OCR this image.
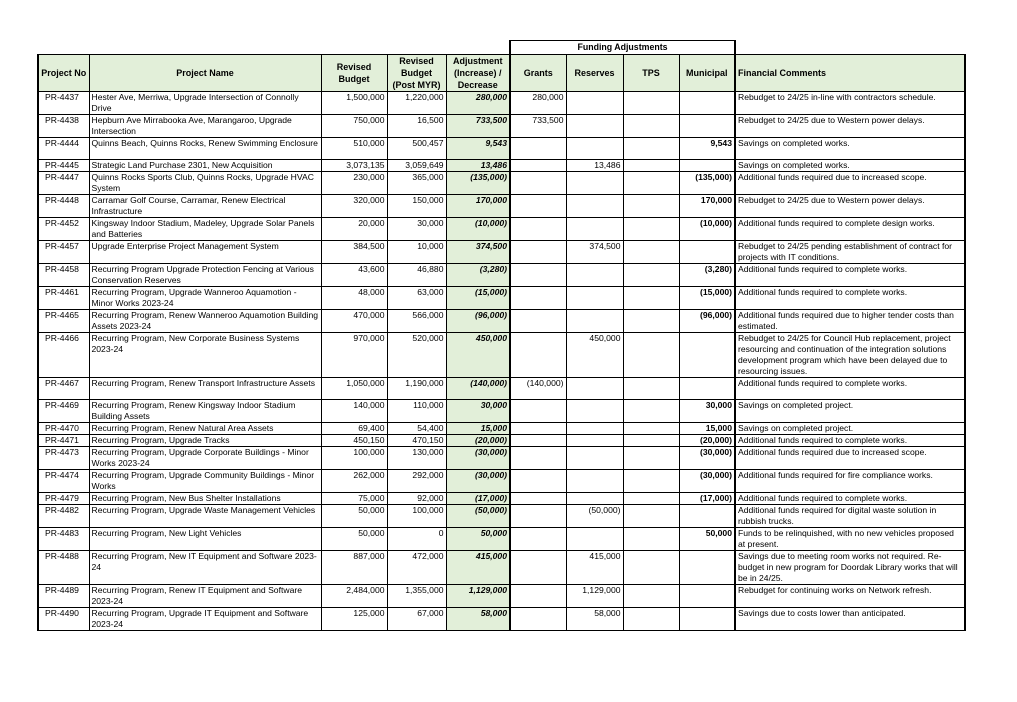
					Funding Adjustments				
Project No	Project Name	Revised Budget	Revised Budget (Post MYR)	Adjustment (Increase) / Decrease	Grants	Reserves	TPS	Municipal	Financial Comments
PR-4437	Hester Ave, Merriwa, Upgrade Intersection of Connolly Drive	1,500,000	1,220,000	280,000	280,000				Rebudget to 24/25 in-line with contractors schedule.
PR-4438	Hepburn Ave Mirrabooka Ave, Marangaroo, Upgrade Intersection	750,000	16,500	733,500	733,500				Rebudget to 24/25 due to Western power delays.
PR-4444	Quinns Beach, Quinns Rocks, Renew Swimming Enclosure	510,000	500,457	9,543				9,543	Savings on completed works.
PR-4445	Strategic Land Purchase 2301, New Acquisition	3,073,135	3,059,649	13,486		13,486			Savings on completed works.
PR-4447	Quinns Rocks Sports Club, Quinns Rocks, Upgrade HVAC System	230,000	365,000	(135,000)				(135,000)	Additional funds required due to increased scope.
PR-4448	Carramar Golf Course, Carramar, Renew Electrical Infrastructure	320,000	150,000	170,000				170,000	Rebudget to 24/25 due to Western power delays.
PR-4452	Kingsway Indoor Stadium, Madeley, Upgrade Solar Panels and Batteries	20,000	30,000	(10,000)				(10,000)	Additional funds required to complete design works.
PR-4457	Upgrade Enterprise Project Management System	384,500	10,000	374,500		374,500			Rebudget to 24/25 pending establishment of contract for projects with IT conditions.
PR-4458	Recurring Program Upgrade Protection Fencing at Various Conservation Reserves	43,600	46,880	(3,280)				(3,280)	Additional funds required to complete works.
PR-4461	Recurring Program, Upgrade Wanneroo Aquamotion - Minor Works 2023-24	48,000	63,000	(15,000)				(15,000)	Additional funds required to complete works.
PR-4465	Recurring Program, Renew Wanneroo Aquamotion Building Assets 2023-24	470,000	566,000	(96,000)				(96,000)	Additional funds required due to higher tender costs than estimated.
PR-4466	Recurring Program, New Corporate Business Systems 2023-24	970,000	520,000	450,000		450,000			Rebudget to 24/25 for Council Hub replacement, project resourcing and continuation of the integration solutions development program which have been delayed due to resourcing issues.
PR-4467	Recurring Program, Renew Transport Infrastructure Assets	1,050,000	1,190,000	(140,000)	(140,000)				Additional funds required to complete works.
PR-4469	Recurring Program, Renew Kingsway Indoor Stadium Building Assets	140,000	110,000	30,000				30,000	Savings on completed project.
PR-4470	Recurring Program, Renew Natural Area Assets	69,400	54,400	15,000				15,000	Savings on completed project.
PR-4471	Recurring Program, Upgrade Tracks	450,150	470,150	(20,000)				(20,000)	Additional funds required to complete works.
PR-4473	Recurring Program, Upgrade Corporate Buildings - Minor Works 2023-24	100,000	130,000	(30,000)				(30,000)	Additional funds required due to increased scope.
PR-4474	Recurring Program, Upgrade Community Buildings - Minor Works	262,000	292,000	(30,000)				(30,000)	Additional funds required for fire compliance works.
PR-4479	Recurring Program, New Bus Shelter Installations	75,000	92,000	(17,000)				(17,000)	Additional funds required to complete works.
PR-4482	Recurring Program, Upgrade Waste Management Vehicles	50,000	100,000	(50,000)		(50,000)			Additional funds required for digital waste solution in rubbish trucks.
PR-4483	Recurring Program, New Light Vehicles	50,000	0	50,000				50,000	Funds to be relinquished, with no new vehicles proposed at present.
PR-4488	Recurring Program, New IT Equipment and Software 2023-24	887,000	472,000	415,000		415,000			Savings due to meeting room works not required. Re-budget in new program for Doordak Library works that will be in 24/25.
PR-4489	Recurring Program, Renew IT Equipment and Software 2023-24	2,484,000	1,355,000	1,129,000		1,129,000			Rebudget for continuing works on Network refresh.
PR-4490	Recurring Program, Upgrade IT Equipment and Software 2023-24	125,000	67,000	58,000		58,000			Savings due to costs lower than anticipated.
